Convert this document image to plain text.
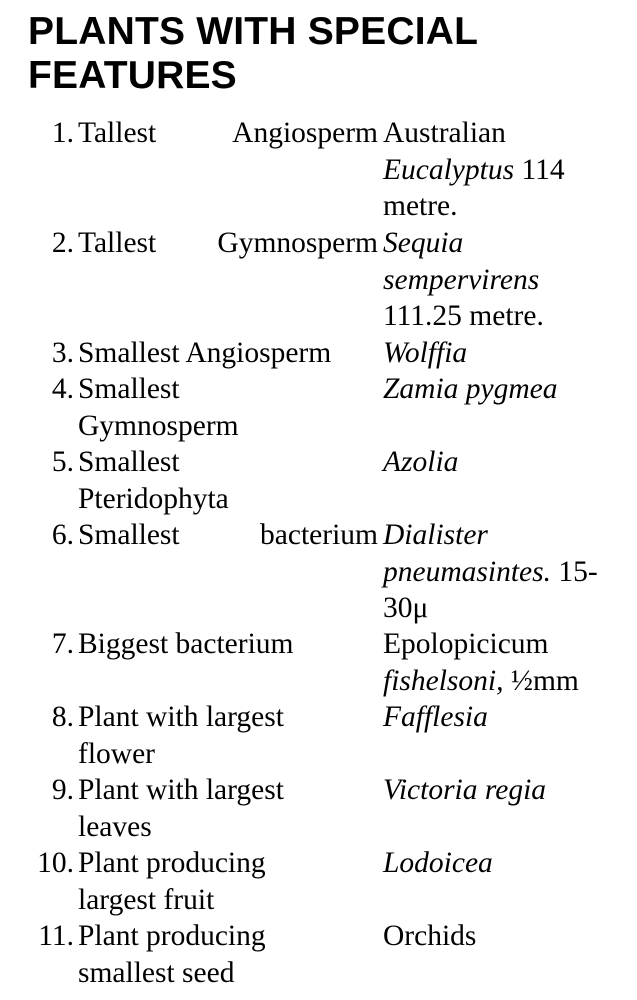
PLANTS WITH SPECIAL
FEATURES
1. Tallest Angiosperm Australian
Eucalyptus 114
metre.
2. Tallest Gymnosperm Sequia
sempervirens
111.25 metre.
3. Smallest Angiosperm	Wolffia
4. Smallest
Gymnosperm
Zamia pygmea
5. Smallest
Pteridophyta
Azolia
6. Smallest bacterium Dialister
pneumasintes. 15-
30μ
7. Biggest bacterium	Epolopicicum
fishelsoni, ½mm
8. Plant with largest
flower
Fafflesia
9. Plant with largest
leaves
Victoria regia
10. Plant producing
largest fruit
Lodoicea
11. Plant producing
smallest seed
Orchids
